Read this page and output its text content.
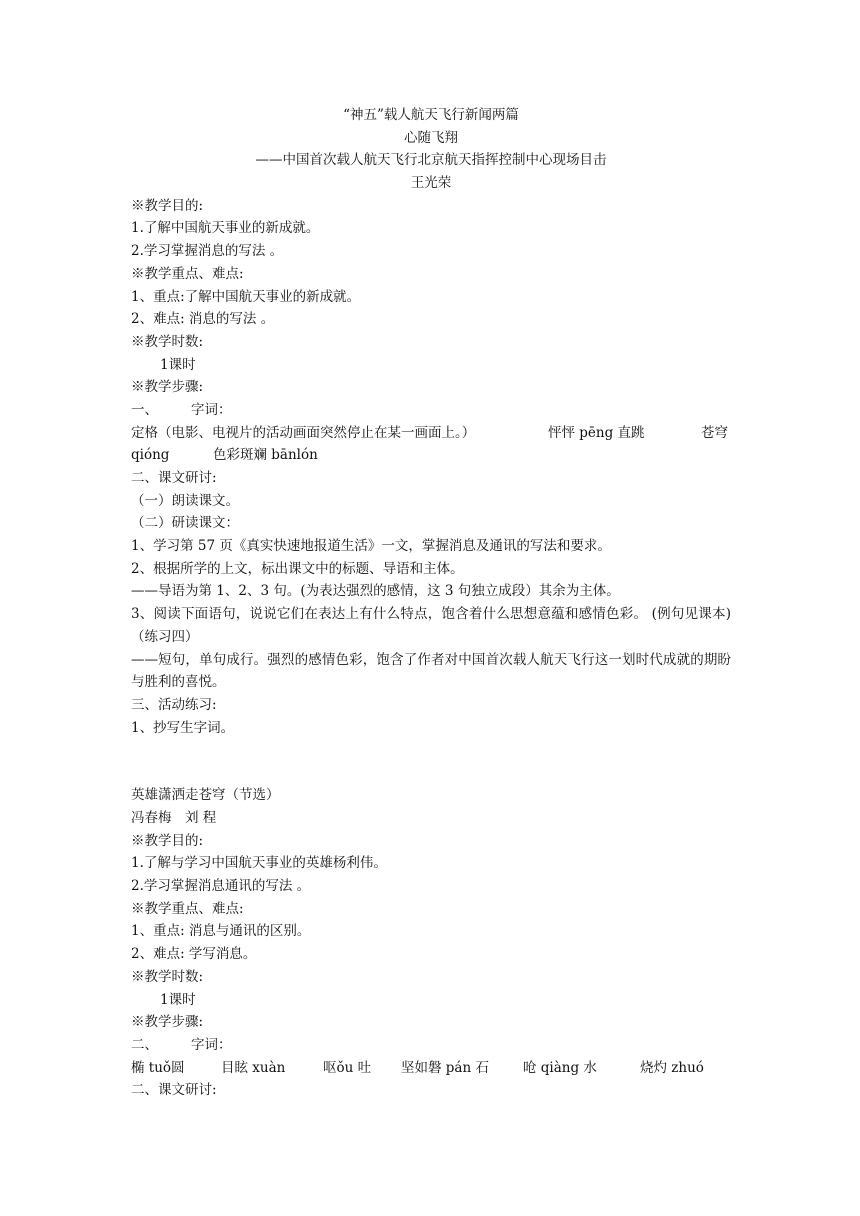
“神五”载人航天飞行新闻两篇
心随飞翔
——中国首次载人航天飞行北京航天指挥控制中心现场目击
王光荣
※教学目的:
1.了解中国航天事业的新成就。
2.学习掌握消息的写法 。
※教学重点、难点:
1、重点:了解中国航天事业的新成就。
2、难点: 消息的写法 。
※教学时数:
1课时
※教学步骤:
一、 字词：
定格（电影、电视片的活动画面突然停止在某一画面上。）	怦怦 pēng 直跳	苍穹
qióng	色彩斑斓 bānlón
二、课文研讨:
（一）朗读课文。
（二）研读课文：
1、学习第 57 页《真实快速地报道生活》一文，掌握消息及通讯的写法和要求。
2、根据所学的上文，标出课文中的标题、导语和主体。
——导语为第 1、2、3 句。(为表达强烈的感情，这 3 句独立成段）其余为主体。
3、阅读下面语句，说说它们在表达上有什么特点，饱含着什么思想意蕴和感情色彩。 (例句见课本)（练习四）
——短句，单句成行。强烈的感情色彩，饱含了作者对中国首次载人航天飞行这一划时代成就的期盼与胜利的喜悦。
三、活动练习:
1、抄写生字词。
英雄潇洒走苍穹（节选）
冯春梅　刘 程
※教学目的:
1.了解与学习中国航天事业的英雄杨利伟。
2.学习掌握消息通讯的写法 。
※教学重点、难点:
1、重点: 消息与通讯的区别。
2、难点: 学写消息。
※教学时数:
1课时
※教学步骤:
二、 字词：
椭 tuǒ圆	目眩 xuàn	呕ǒu 吐 坚如磐 pán 石	呛 qiàng 水	烧灼 zhuó
二、课文研讨:
